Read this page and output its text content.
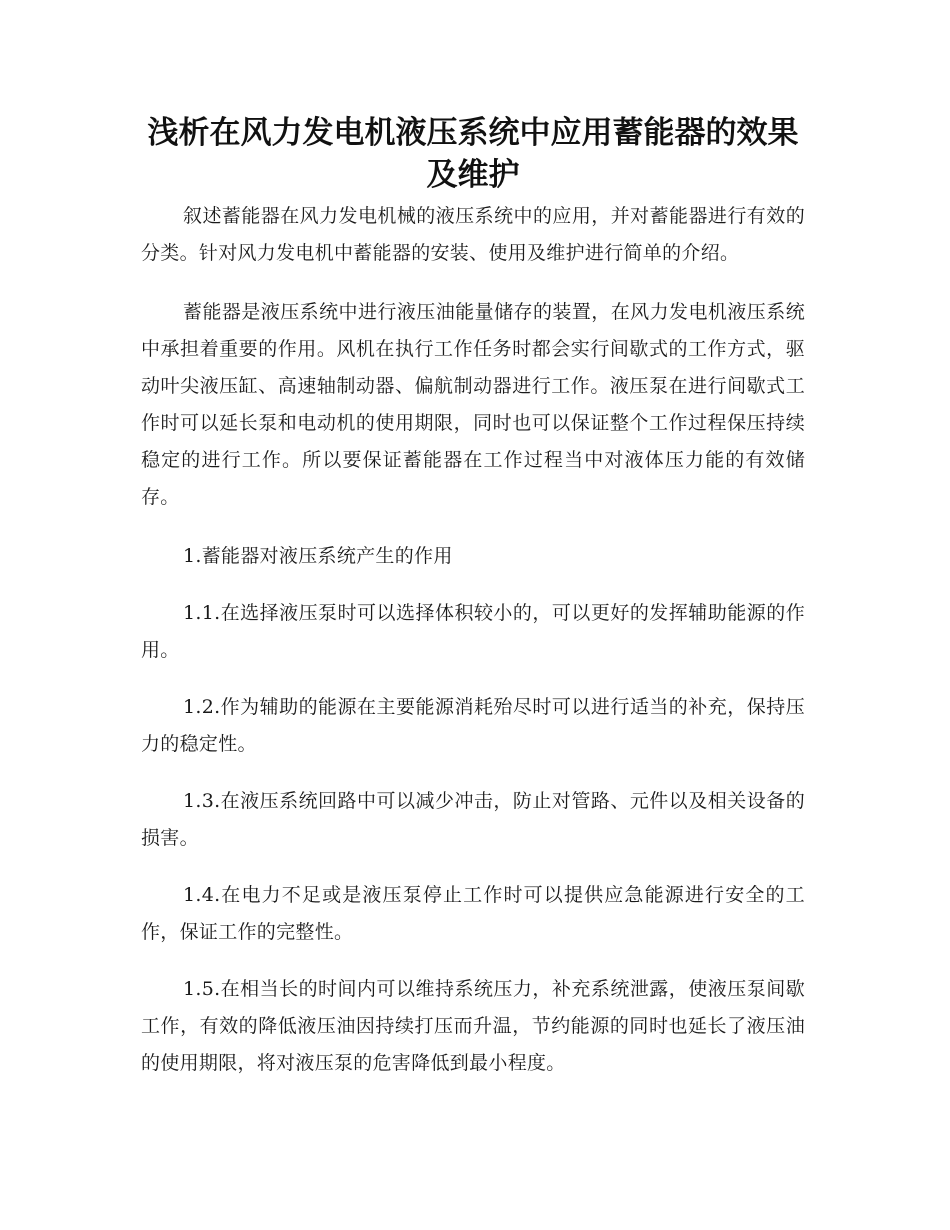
浅析在风力发电机液压系统中应用蓄能器的效果
及维护

叙述蓄能器在风力发电机械的液压系统中的应用，并对蓄能器进行有效的分类。针对风力发电机中蓄能器的安装、使用及维护进行简单的介绍。

蓄能器是液压系统中进行液压油能量储存的装置，在风力发电机液压系统中承担着重要的作用。风机在执行工作任务时都会实行间歇式的工作方式，驱动叶尖液压缸、高速轴制动器、偏航制动器进行工作。液压泵在进行间歇式工作时可以延长泵和电动机的使用期限，同时也可以保证整个工作过程保压持续稳定的进行工作。所以要保证蓄能器在工作过程当中对液体压力能的有效储存。

1.蓄能器对液压系统产生的作用

1.1.在选择液压泵时可以选择体积较小的，可以更好的发挥辅助能源的作用。

1.2.作为辅助的能源在主要能源消耗殆尽时可以进行适当的补充，保持压力的稳定性。

1.3.在液压系统回路中可以减少冲击，防止对管路、元件以及相关设备的损害。

1.4.在电力不足或是液压泵停止工作时可以提供应急能源进行安全的工作，保证工作的完整性。

1.5.在相当长的时间内可以维持系统压力，补充系统泄露，使液压泵间歇工作，有效的降低液压油因持续打压而升温，节约能源的同时也延长了液压油的使用期限，将对液压泵的危害降低到最小程度。
